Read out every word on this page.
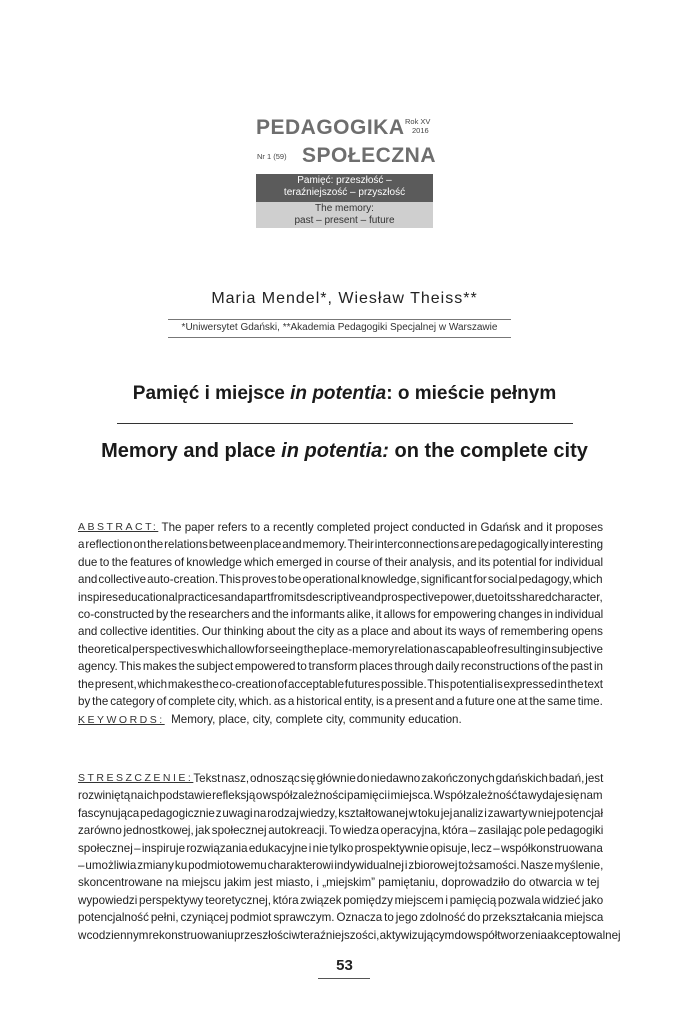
PEDAGOGIKA Rok XV
2016
Nr 1 (59) SPOŁECZNA
Pamięć: przeszłość –
teraźniejszość – przyszłość
The memory:
past – present – future
Maria Mendel*, Wiesław Theiss**
*Uniwersytet Gdański, **Akademia Pedagogiki Specjalnej w Warszawie
Pamięć i miejsce in potentia: o mieście pełnym
Memory and place in potentia: on the complete city
ABSTRACT: The paper refers to a recently completed project conducted in Gdańsk and it proposes
a reflection on the relations between place and memory. Their interconnections are pedagogically interesting
due to the features of knowledge which emerged in course of their analysis, and its potential for individual
and collective auto-creation. This proves to be operational knowledge, significant for social pedagogy, which
inspires educational practices and apart from its descriptive and prospective power, due to its shared character,
co-constructed by the researchers and the informants alike, it allows for empowering changes in individual
and collective identities. Our thinking about the city as a place and about its ways of remembering opens
theoretical perspectives which allow for seeing the place-memory relation as capable of resulting in subjective
agency. This makes the subject empowered to transform places through daily reconstructions of the past in
the present, which makes the co-creation of acceptable futures possible. This potential is expressed in the text
by the category of complete city, which. as a historical entity, is a present and a future one at the same time.
KEYWORDS: Memory, place, city, complete city, community education.
STRESZCZENIE: Tekst nasz, odnosząc się głównie do niedawno zakończonych gdańskich badań, jest
rozwiniętą na ich podstawie refleksją o współzależności pamięci i miejsca. Współzależność ta wydaje się nam
fascynująca pedagogicznie z uwagi na rodzaj wiedzy, kształtowanej w toku jej analiz i zawarty w niej potencjał
zarówno jednostkowej, jak społecznej autokreacji. To wiedza operacyjna, która – zasilając pole pedagogiki
społecznej – inspiruje rozwiązania edukacyjne i nie tylko prospektywnie opisuje, lecz – współkonstruowana
– umożliwia zmiany ku podmiotowemu charakterowi indywidualnej i zbiorowej tożsamości. Nasze myślenie,
skoncentrowane na miejscu jakim jest miasto, i „miejskim” pamiętaniu, doprowadziło do otwarcia w tej
wypowiedzi perspektywy teoretycznej, która związek pomiędzy miejscem i pamięcią pozwala widzieć jako
potencjalność pełni, czyniącej podmiot sprawczym. Oznacza to jego zdolność do przekształcania miejsca
w codziennym rekonstruowaniu przeszłości w teraźniejszości, aktywizującym do współtworzenia akceptowalnej
53
